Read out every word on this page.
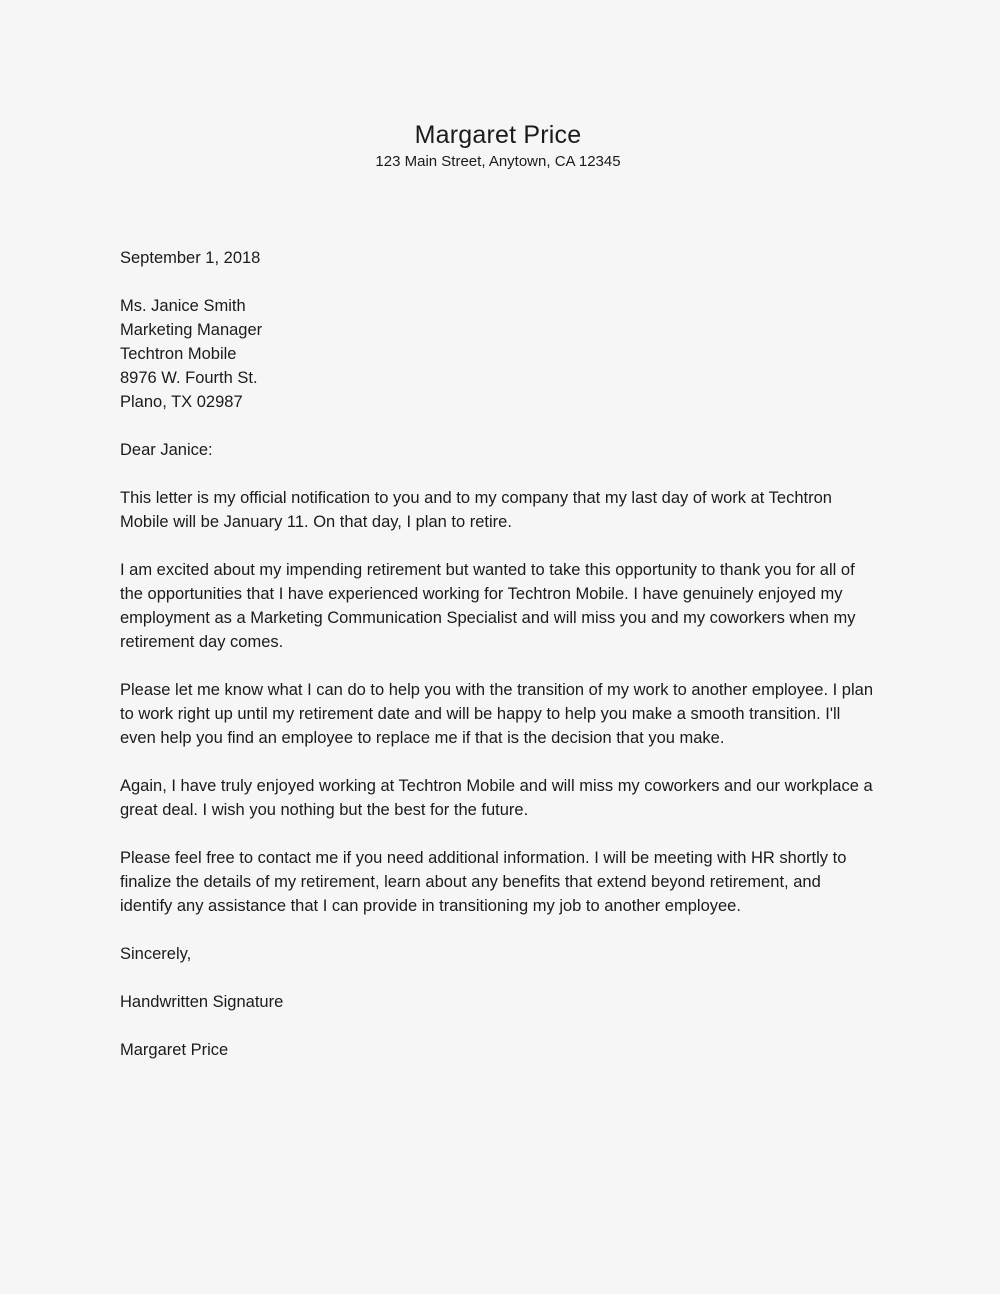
Margaret Price
123 Main Street, Anytown, CA 12345
September 1, 2018
Ms. Janice Smith
Marketing Manager
Techtron Mobile
8976 W. Fourth St.
Plano, TX 02987
Dear Janice:

This letter is my official notification to you and to my company that my last day of work at Techtron Mobile will be January 11. On that day, I plan to retire.

I am excited about my impending retirement but wanted to take this opportunity to thank you for all of the opportunities that I have experienced working for Techtron Mobile. I have genuinely enjoyed my employment as a Marketing Communication Specialist and will miss you and my coworkers when my retirement day comes.

Please let me know what I can do to help you with the transition of my work to another employee. I plan to work right up until my retirement date and will be happy to help you make a smooth transition. I'll even help you find an employee to replace me if that is the decision that you make.

Again, I have truly enjoyed working at Techtron Mobile and will miss my coworkers and our workplace a great deal. I wish you nothing but the best for the future.

Please feel free to contact me if you need additional information. I will be meeting with HR shortly to finalize the details of my retirement, learn about any benefits that extend beyond retirement, and identify any assistance that I can provide in transitioning my job to another employee.

Sincerely,
Handwritten Signature
Margaret Price
